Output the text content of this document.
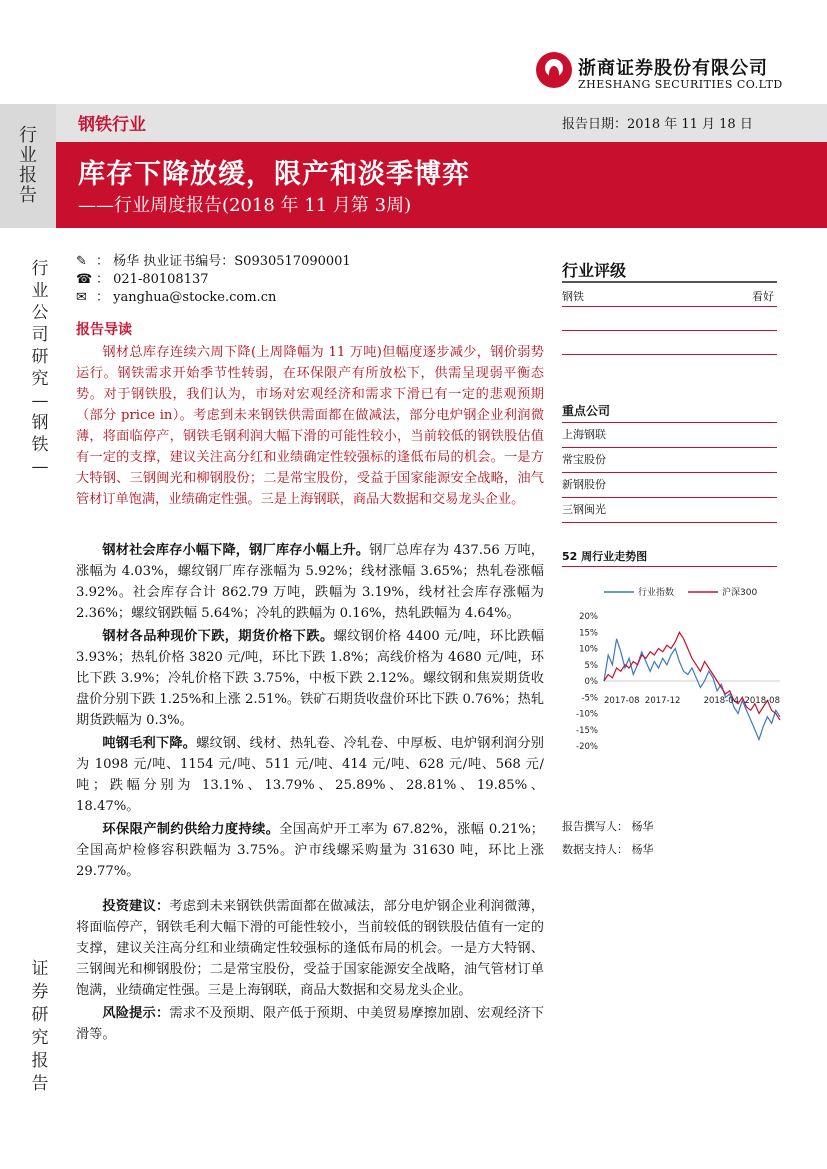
浙商证券股份有限公司
ZHESHANG SECURITIES CO.LTD
行业报告
钢铁行业	报告日期：2018 年 11 月 18 日
库存下降放缓，限产和淡季博弈
——行业周度报告(2018 年 11 月第 3周)
行业公司研究—钢铁—
证券研究报告
✎ ： 杨华 执业证书编号：S0930517090001
☎ ： 021-80108137
✉ ： yanghua@stocke.com.cn
报告导读

钢材总库存连续六周下降(上周降幅为 11 万吨)但幅度逐步减少，钢价弱势运行。钢铁需求开始季节性转弱，在环保限产有所放松下，供需呈现弱平衡态势。对于钢铁股，我们认为，市场对宏观经济和需求下滑已有一定的悲观预期（部分 price in）。考虑到未来钢铁供需面都在做减法，部分电炉钢企业利润微薄，将面临停产，钢铁毛钢利润大幅下滑的可能性较小，当前较低的钢铁股估值有一定的支撑，建议关注高分红和业绩确定性较强标的逢低布局的机会。一是方大特钢、三钢闽光和柳钢股份；二是常宝股份，受益于国家能源安全战略，油气管材订单饱满，业绩确定性强。三是上海钢联，商品大数据和交易龙头企业。

钢材社会库存小幅下降，钢厂库存小幅上升。钢厂总库存为 437.56 万吨，涨幅为 4.03%，螺纹钢厂库存涨幅为 5.92%；线材涨幅 3.65%；热轧卷涨幅 3.92%。社会库存合计 862.79 万吨，跌幅为 3.19%，线材社会库存涨幅为 2.36%；螺纹钢跌幅 5.64%；冷轧的跌幅为 0.16%，热轧跌幅为 4.64%。

钢材各品种现价下跌，期货价格下跌。螺纹钢价格 4400 元/吨，环比跌幅 3.93%；热轧价格 3820 元/吨，环比下跌 1.8%；高线价格为 4680 元/吨，环比下跌 3.9%；冷轧价格下跌 3.75%，中板下跌 2.12%。螺纹钢和焦炭期货收盘价分别下跌 1.25%和上涨 2.51%。铁矿石期货收盘价环比下跌 0.76%；热轧期货跌幅为 0.3%。

吨钢毛利下降。螺纹钢、线材、热轧卷、冷轧卷、中厚板、电炉钢利润分别为 1098 元/吨、1154 元/吨、511 元/吨、414 元/吨、628 元/吨、568 元/吨；跌幅分别为 13.1%、13.79%、25.89%、28.81%、19.85%、18.47%。

环保限产制约供给力度持续。全国高炉开工率为 67.82%，涨幅 0.21%；全国高炉检修容积跌幅为 3.75%。沪市线螺采购量为 31630 吨，环比上涨 29.77%。

投资建议：考虑到未来钢铁供需面都在做减法，部分电炉钢企业利润微薄，将面临停产，钢铁毛利大幅下滑的可能性较小，当前较低的钢铁股估值有一定的支撑，建议关注高分红和业绩确定性较强标的逢低布局的机会。一是方大特钢、三钢闽光和柳钢股份；二是常宝股份，受益于国家能源安全战略，油气管材订单饱满，业绩确定性强。三是上海钢联，商品大数据和交易龙头企业。

风险提示：需求不及预期、限产低于预期、中美贸易摩擦加剧、宏观经济下滑等。

行业评级
钢铁	看好
重点公司
上海钢联
常宝股份
新钢股份
三钢闽光
52 周行业走势图
行业指数	沪深300
20%
15%
10%
5%
0%
-5%
-10%
-15%
-20%
2017-08 2017-12	2018-04 2018-08
报告撰写人： 杨华
数据支持人： 杨华
